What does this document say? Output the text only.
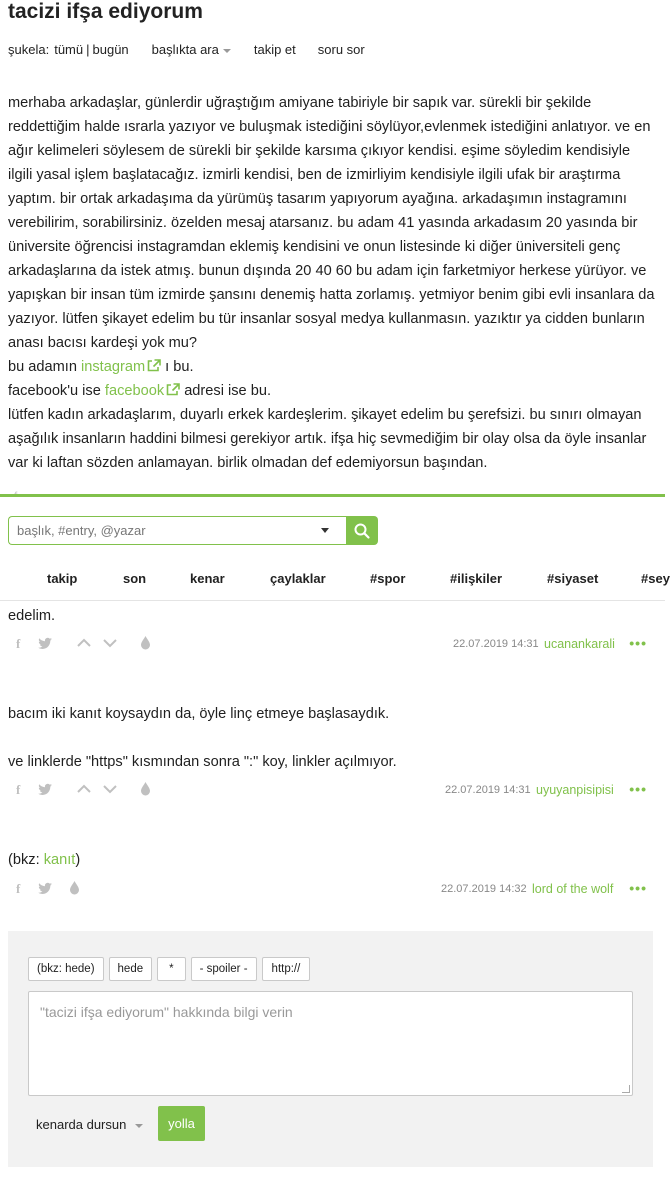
tacizi ifşa ediyorum
şukela: tümü | bugün başlıkta ara	takip et soru sor
merhaba arkadaşlar, günlerdir uğraştığım amiyane tabiriyle bir sapık var. sürekli bir şekilde reddettiğim halde ısrarla yazıyor ve buluşmak istediğini söylüyor,evlenmek istediğini anlatıyor. ve en ağır kelimeleri söylesem de sürekli bir şekilde karsıma çıkıyor kendisi. eşime söyledim kendisiyle ilgili yasal işlem başlatacağız. izmirli kendisi, ben de izmirliyim kendisiyle ilgili ufak bir araştırma yaptım. bir ortak arkadaşıma da yürümüş tasarım yapıyorum ayağına. arkadaşımın instagramını verebilirim, sorabilirsiniz. özelden mesaj atarsanız. bu adam 41 yasında arkadasım 20 yasında bir üniversite öğrencisi instagramdan eklemiş kendisini ve onun listesinde ki diğer üniversiteli genç arkadaşlarına da istek atmış. bunun dışında 20 40 60 bu adam için farketmiyor herkese yürüyor. ve yapışkan bir insan tüm izmirde şansını denemiş hatta zorlamış. yetmiyor benim gibi evli insanlara da yazıyor. lütfen şikayet edelim bu tür insanlar sosyal medya kullanmasın. yazıktır ya cidden bunların anası bacısı kardeşi yok mu?
bu adamın instagram ı bu.
facebook'u ise facebook adresi ise bu.
lütfen kadın arkadaşlarım, duyarlı erkek kardeşlerim. şikayet edelim bu şerefsizi. bu sınırı olmayan aşağılık insanların haddini bilmesi gerekiyor artık. ifşa hiç sevmediğim bir olay olsa da öyle insanlar var ki laftan sözden anlamayan. birlik olmadan def edemiyorsun başından.
başlık, #entry, @yazar
takip	son	kenar	çaylaklar	#spor	#ilişkiler	#siyaset	#sey
edelim.
f	22.07.2019 14:31 ucanankarali •••
bacım iki kanıt koysaydın da, öyle linç etmeye başlasaydık.
ve linklerde "https" kısmından sonra ":" koy, linkler açılmıyor.
f	22.07.2019 14:31 uyuyanpisipisi •••
(bkz: kanıt)
f	22.07.2019 14:32 lord of the wolf •••
(bkz: hede)	hede	*	- spoiler -	http://
"tacizi ifşa ediyorum" hakkında bilgi verin
kenarda dursun	yolla
